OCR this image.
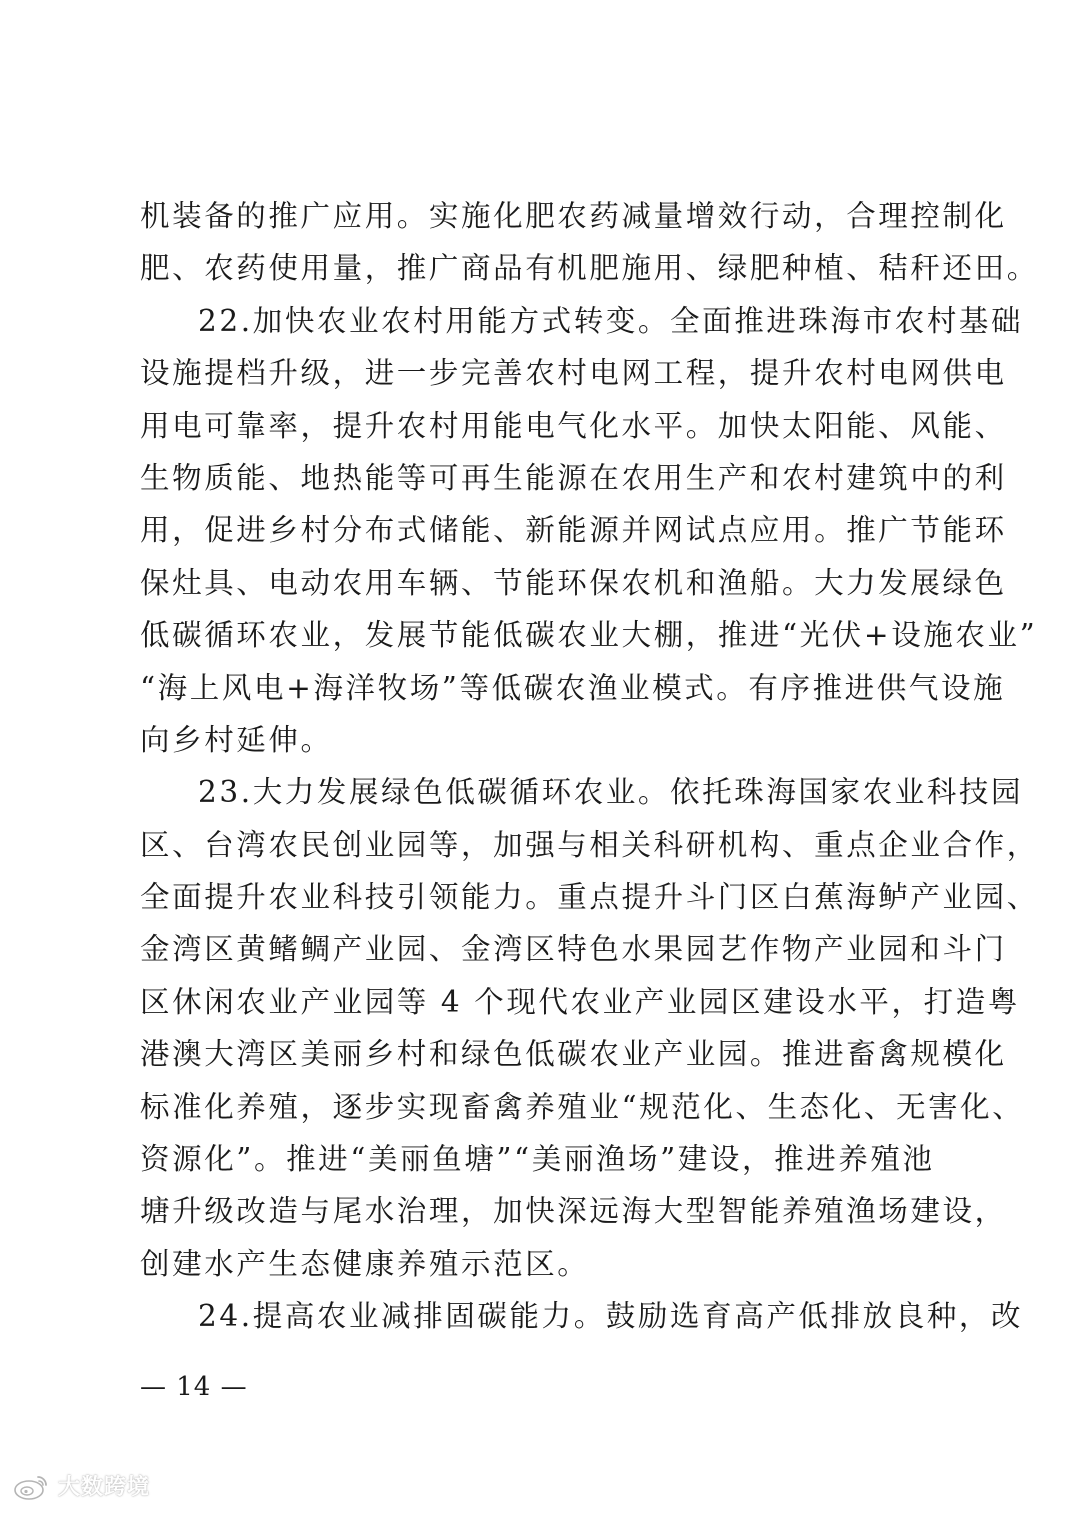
机装备的推广应用。实施化肥农药减量增效行动，合理控制化
肥、农药使用量，推广商品有机肥施用、绿肥种植、秸秆还田。
22.加快农业农村用能方式转变。全面推进珠海市农村基础
设施提档升级，进一步完善农村电网工程，提升农村电网供电
用电可靠率，提升农村用能电气化水平。加快太阳能、风能、
生物质能、地热能等可再生能源在农用生产和农村建筑中的利
用，促进乡村分布式储能、新能源并网试点应用。推广节能环
保灶具、电动农用车辆、节能环保农机和渔船。大力发展绿色
低碳循环农业，发展节能低碳农业大棚，推进“光伏+设施农业”
“海上风电+海洋牧场”等低碳农渔业模式。有序推进供气设施
向乡村延伸。
23.大力发展绿色低碳循环农业。依托珠海国家农业科技园
区、台湾农民创业园等，加强与相关科研机构、重点企业合作，
全面提升农业科技引领能力。重点提升斗门区白蕉海鲈产业园、
金湾区黄鳍鲷产业园、金湾区特色水果园艺作物产业园和斗门
区休闲农业产业园等 4 个现代农业产业园区建设水平，打造粤
港澳大湾区美丽乡村和绿色低碳农业产业园。推进畜禽规模化
标准化养殖，逐步实现畜禽养殖业“规范化、生态化、无害化、
资源化”。推进“美丽鱼塘”“美丽渔场”建设，推进养殖池
塘升级改造与尾水治理，加快深远海大型智能养殖渔场建设，
创建水产生态健康养殖示范区。
24.提高农业减排固碳能力。鼓励选育高产低排放良种，改
— 14 —
大数跨境
